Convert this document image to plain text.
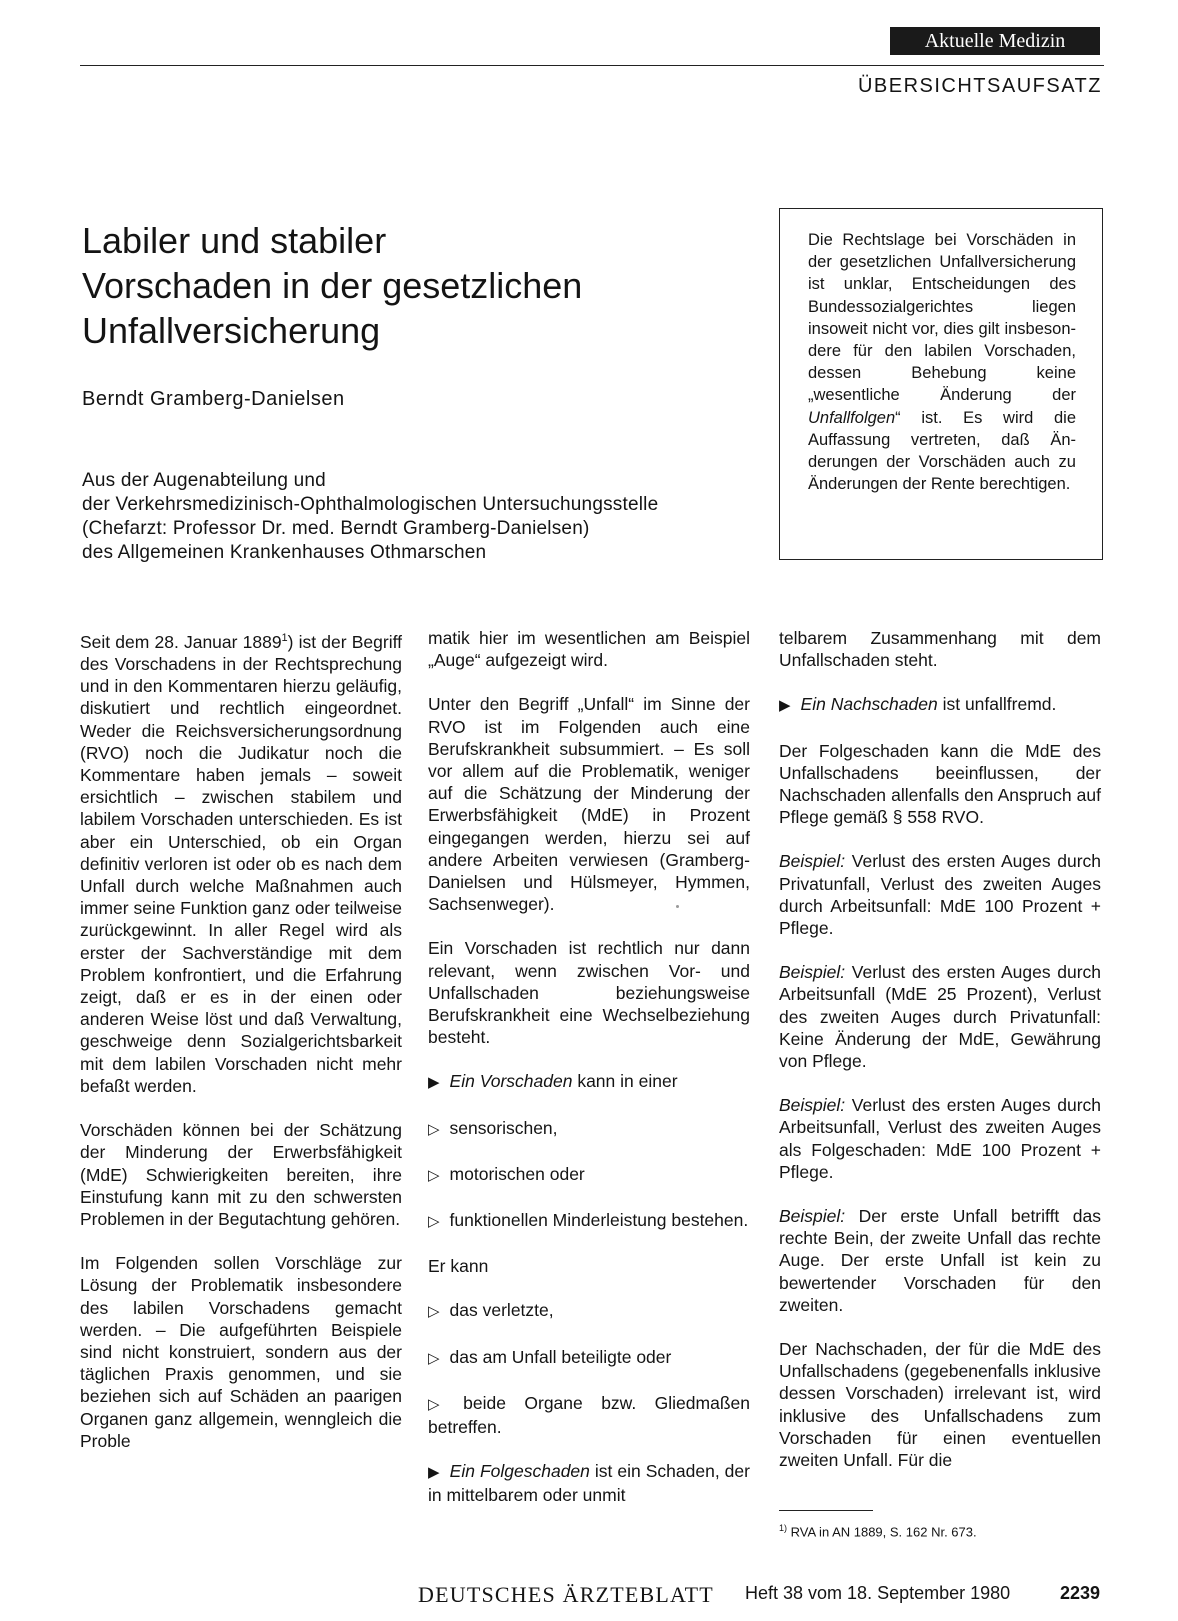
Aktuelle Medizin
ÜBERSICHTSAUFSATZ
Labiler und stabiler
Vorschaden in der gesetzlichen
Unfallversicherung
Berndt Gramberg-Danielsen
Aus der Augenabteilung und
der Verkehrsmedizinisch-Ophthalmologischen Untersuchungsstelle
(Chefarzt: Professor Dr. med. Berndt Gramberg-Danielsen)
des Allgemeinen Krankenhauses Othmarschen

Die Rechtslage bei Vorschäden in der gesetzlichen Unfallversicherung ist unklar, Entscheidungen des Bundessozialgerichtes liegen insoweit nicht vor, dies gilt insbesondere für den labilen Vorschaden, dessen Behebung keine „wesentliche Änderung der Unfallfolgen“ ist. Es wird die Auffassung vertreten, daß Änderungen der Vorschäden auch zu Änderungen der Rente berechtigen.

Seit dem 28. Januar 1889$^1$) ist der Begriff des Vorschadens in der Rechtsprechung und in den Kommentaren hierzu geläufig, diskutiert und rechtlich eingeordnet. Weder die Reichsversicherungsordnung (RVO) noch die Judikatur noch die Kommentare haben jemals – soweit ersichtlich – zwischen stabilem und labilem Vorschaden unterschieden. Es ist aber ein Unterschied, ob ein Organ definitiv verloren ist oder ob es nach dem Unfall durch welche Maßnahmen auch immer seine Funktion ganz oder teilweise zurückgewinnt. In aller Regel wird als erster der Sachverständige mit dem Problem konfrontiert, und die Erfahrung zeigt, daß er es in der einen oder anderen Weise löst und daß Verwaltung, geschweige denn Sozialgerichtsbarkeit mit dem labilen Vorschaden nicht mehr befaßt werden.

Vorschäden können bei der Schätzung der Minderung der Erwerbsfähigkeit (MdE) Schwierigkeiten bereiten, ihre Einstufung kann mit zu den schwersten Problemen in der Begutachtung gehören.

Im Folgenden sollen Vorschläge zur Lösung der Problematik insbesondere des labilen Vorschadens gemacht werden. – Die aufgeführten Beispiele sind nicht konstruiert, sondern aus der täglichen Praxis genommen, und sie beziehen sich auf Schäden an paarigen Organen ganz allgemein, wenngleich die Proble

matik hier im wesentlichen am Beispiel „Auge“ aufgezeigt wird.

Unter den Begriff „Unfall“ im Sinne der RVO ist im Folgenden auch eine Berufskrankheit subsummiert. – Es soll vor allem auf die Problematik, weniger auf die Schätzung der Minderung der Erwerbsfähigkeit (MdE) in Prozent eingegangen werden, hierzu sei auf andere Arbeiten verwiesen (Gramberg-Danielsen und Hülsmeyer, Hymmen, Sachsenweger).

Ein Vorschaden ist rechtlich nur dann relevant, wenn zwischen Vor- und Unfallschaden beziehungsweise Berufskrankheit eine Wechselbeziehung besteht.

▶ Ein Vorschaden kann in einer

▷ sensorischen,

▷ motorischen oder

▷ funktionellen Minderleistung bestehen.

Er kann

▷ das verletzte,

▷ das am Unfall beteiligte oder

▷ beide Organe bzw. Gliedmaßen betreffen.

▶ Ein Folgeschaden ist ein Schaden, der in mittelbarem oder unmit

telbarem Zusammenhang mit dem Unfallschaden steht.

▶ Ein Nachschaden ist unfallfremd.

Der Folgeschaden kann die MdE des Unfallschadens beeinflussen, der Nachschaden allenfalls den Anspruch auf Pflege gemäß § 558 RVO.

Beispiel: Verlust des ersten Auges durch Privatunfall, Verlust des zweiten Auges durch Arbeitsunfall: MdE 100 Prozent + Pflege.

Beispiel: Verlust des ersten Auges durch Arbeitsunfall (MdE 25 Prozent), Verlust des zweiten Auges durch Privatunfall: Keine Änderung der MdE, Gewährung von Pflege.

Beispiel: Verlust des ersten Auges durch Arbeitsunfall, Verlust des zweiten Auges als Folgeschaden: MdE 100 Prozent + Pflege.

Beispiel: Der erste Unfall betrifft das rechte Bein, der zweite Unfall das rechte Auge. Der erste Unfall ist kein zu bewertender Vorschaden für den zweiten.

Der Nachschaden, der für die MdE des Unfallschadens (gegebenenfalls inklusive dessen Vorschaden) irrelevant ist, wird inklusive des Unfallschadens zum Vorschaden für einen eventuellen zweiten Unfall. Für die

$^{1)}$ RVA in AN 1889, S. 162 Nr. 673.
DEUTSCHES ÄRZTEBLATT Heft 38 vom 18. September 1980	2239
